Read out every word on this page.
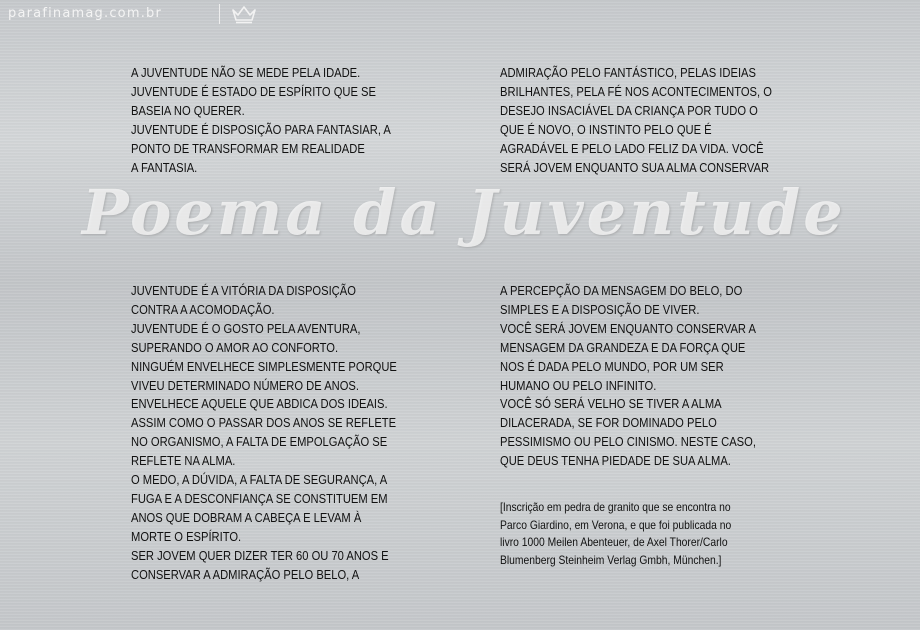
parafinamag.com.br

A JUVENTUDE NÃO SE MEDE PELA IDADE.

JUVENTUDE É ESTADO DE ESPÍRITO QUE SE

BASEIA NO QUERER.

JUVENTUDE É DISPOSIÇÃO PARA FANTASIAR, A

PONTO DE TRANSFORMAR EM REALIDADE

A FANTASIA.

ADMIRAÇÃO PELO FANTÁSTICO, PELAS IDEIAS

BRILHANTES, PELA FÉ NOS ACONTECIMENTOS, O

DESEJO INSACIÁVEL DA CRIANÇA POR TUDO O

QUE É NOVO, O INSTINTO PELO QUE É

AGRADÁVEL E PELO LADO FELIZ DA VIDA. VOCÊ

SERÁ JOVEM ENQUANTO SUA ALMA CONSERVAR

Poema da Juventude

JUVENTUDE É A VITÓRIA DA DISPOSIÇÃO

CONTRA A ACOMODAÇÃO.

JUVENTUDE É O GOSTO PELA AVENTURA,

SUPERANDO O AMOR AO CONFORTO.

NINGUÉM ENVELHECE SIMPLESMENTE PORQUE

VIVEU DETERMINADO NÚMERO DE ANOS.

ENVELHECE AQUELE QUE ABDICA DOS IDEAIS.

ASSIM COMO O PASSAR DOS ANOS SE REFLETE

NO ORGANISMO, A FALTA DE EMPOLGAÇÃO SE

REFLETE NA ALMA.

O MEDO, A DÚVIDA, A FALTA DE SEGURANÇA, A

FUGA E A DESCONFIANÇA SE CONSTITUEM EM

ANOS QUE DOBRAM A CABEÇA E LEVAM À

MORTE O ESPÍRITO.

SER JOVEM QUER DIZER TER 60 OU 70 ANOS E

CONSERVAR A ADMIRAÇÃO PELO BELO, A

A PERCEPÇÃO DA MENSAGEM DO BELO, DO

SIMPLES E A DISPOSIÇÃO DE VIVER.

VOCÊ SERÁ JOVEM ENQUANTO CONSERVAR A

MENSAGEM DA GRANDEZA E DA FORÇA QUE

NOS É DADA PELO MUNDO, POR UM SER

HUMANO OU PELO INFINITO.

VOCÊ SÓ SERÁ VELHO SE TIVER A ALMA

DILACERADA, SE FOR DOMINADO PELO

PESSIMISMO OU PELO CINISMO. NESTE CASO,

QUE DEUS TENHA PIEDADE DE SUA ALMA.

[Inscrição em pedra de granito que se encontra no

Parco Giardino, em Verona, e que foi publicada no

livro 1000 Meilen Abenteuer, de Axel Thorer/Carlo

Blumenberg Steinheim Verlag Gmbh, München.]
